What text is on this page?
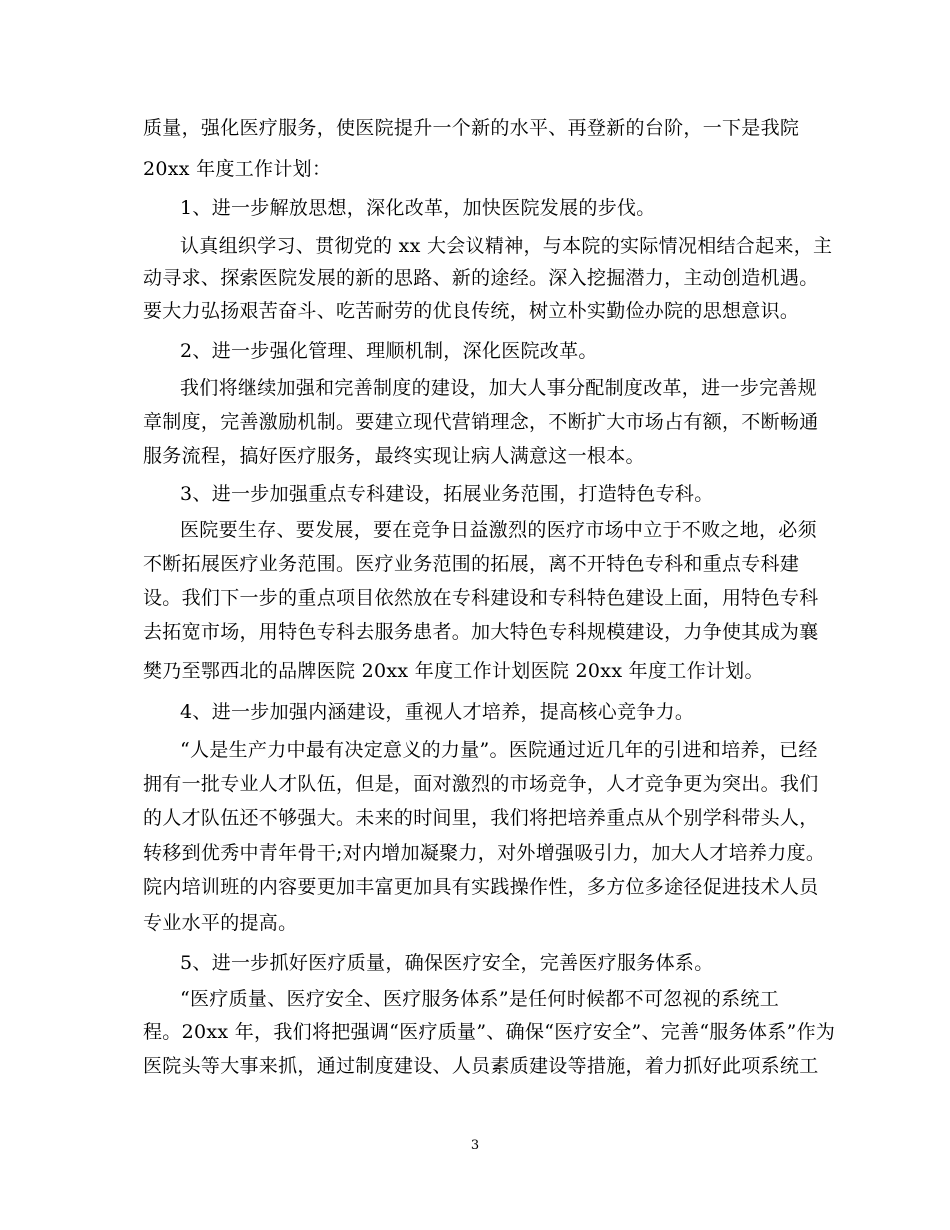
质量，强化医疗服务，使医院提升一个新的水平、再登新的台阶，一下是我院
20xx 年度工作计划：
1、进一步解放思想，深化改革，加快医院发展的步伐。
认真组织学习、贯彻党的 xx 大会议精神，与本院的实际情况相结合起来，主
动寻求、探索医院发展的新的思路、新的途经。深入挖掘潜力，主动创造机遇。
要大力弘扬艰苦奋斗、吃苦耐劳的优良传统，树立朴实勤俭办院的思想意识。
2、进一步强化管理、理顺机制，深化医院改革。
我们将继续加强和完善制度的建设，加大人事分配制度改革，进一步完善规
章制度，完善激励机制。要建立现代营销理念，不断扩大市场占有额，不断畅通
服务流程，搞好医疗服务，最终实现让病人满意这一根本。
3、进一步加强重点专科建设，拓展业务范围，打造特色专科。
医院要生存、要发展，要在竞争日益激烈的医疗市场中立于不败之地，必须
不断拓展医疗业务范围。医疗业务范围的拓展，离不开特色专科和重点专科建
设。我们下一步的重点项目依然放在专科建设和专科特色建设上面，用特色专科
去拓宽市场，用特色专科去服务患者。加大特色专科规模建设，力争使其成为襄
樊乃至鄂西北的品牌医院 20xx 年度工作计划医院 20xx 年度工作计划。
4、进一步加强内涵建设，重视人才培养，提高核心竞争力。
“人是生产力中最有决定意义的力量”。医院通过近几年的引进和培养，已经
拥有一批专业人才队伍，但是，面对激烈的市场竞争，人才竞争更为突出。我们
的人才队伍还不够强大。未来的时间里，我们将把培养重点从个别学科带头人，
转移到优秀中青年骨干;对内增加凝聚力，对外增强吸引力，加大人才培养力度。
院内培训班的内容要更加丰富更加具有实践操作性，多方位多途径促进技术人员
专业水平的提高。
5、进一步抓好医疗质量，确保医疗安全，完善医疗服务体系。
“医疗质量、医疗安全、医疗服务体系”是任何时候都不可忽视的系统工
程。20xx 年，我们将把强调“医疗质量”、确保“医疗安全”、完善“服务体系”作为
医院头等大事来抓，通过制度建设、人员素质建设等措施，着力抓好此项系统工
3
